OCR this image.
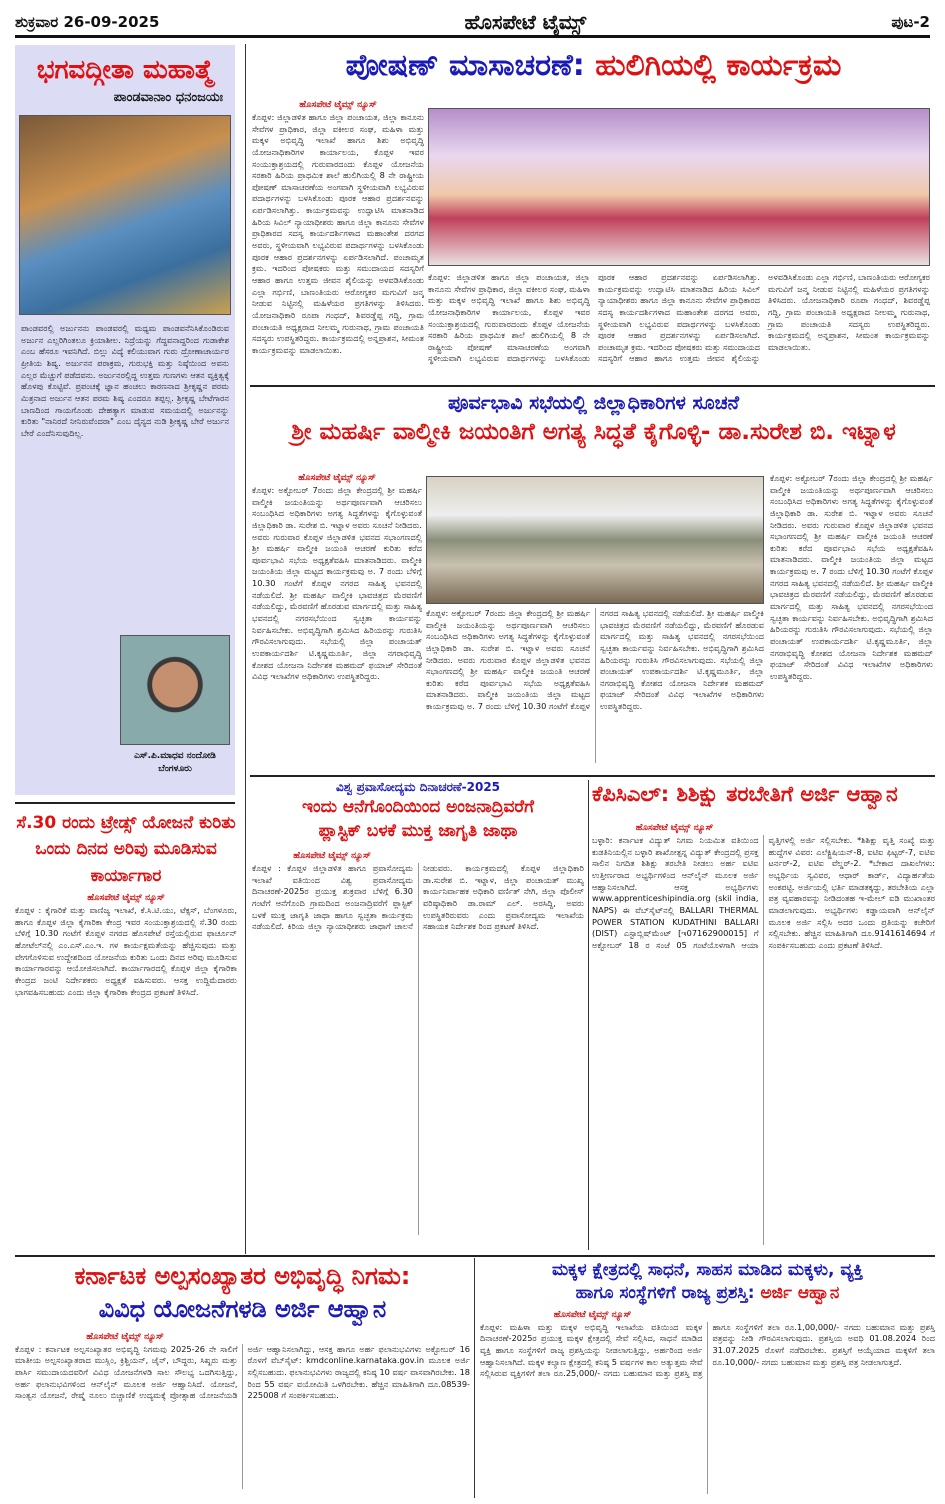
ಶುಕ್ರವಾರ 26-09-2025	ಹೊಸಪೇಟೆ ಟೈಮ್ಸ್	ಪುಟ-2
ಭಗವದ್ಗೀತಾ ಮಹಾತ್ಮೆ
ಪಾಂಡವಾನಾಂ ಧನಂಜಯಃ
ಪಾಂಡವರಲ್ಲಿ ಅರ್ಜುನನು ಪಾಂಡವರಲ್ಲಿ ಮಧ್ಯಮ ಪಾಂಡವನೆನಿಸಿಕೊಂಡಿರುವ ಅರ್ಜುನ ಎಲ್ಲರಿಗಿಂತಲೂ ಕ್ರಿಯಾಶೀಲ. ನಿದ್ರೆಯನ್ನು ಗೆದ್ದವನಾದ್ದರಿಂದ ಗುಡಾಕೇಶ ಎಂಬ ಹೆಸರೂ ಇವನಿಗಿದೆ. ಬಿಲ್ಲು ವಿದ್ಯೆ ಕಲಿಯುವಾಗ ಗುರು ದ್ರೋಣಾಚಾರ್ಯರ ಪ್ರೀತಿಯ ಶಿಷ್ಯ. ಅರ್ಜುನನ ಪರಾಕ್ರಮ, ಗುರುಭಕ್ತಿ ಮತ್ತು ನಿಷ್ಠೆಯಿಂದ ಅವನು ಎಲ್ಲರ ಮೆಚ್ಚುಗೆ ಪಡೆದವನು. ಅರ್ಜುನರಲ್ಲಿದ್ದ ಉತ್ತಮ ಗುಣಗಳು ಆತನ ವ್ಯಕ್ತಿತ್ವಕ್ಕೆ ಹೊಳಪು ಕೊಟ್ಟಿವೆ. ಪ್ರಪಂಚಕ್ಕೆ ಜ್ಞಾನ ಹಂಚಲು ಕಾರಣನಾದ ಶ್ರೀಕೃಷ್ಣನ ಪರಮ ಮಿತ್ರನಾದ ಅರ್ಜುನ ಆತನ ಪರಮ ಶಿಷ್ಯ ಎಂದರೂ ತಪ್ಪಲ್ಲ. ಶ್ರೀಕೃಷ್ಣ ಬೇಟೆಗಾರನ ಬಾಣದಿಂದ ಗಾಯಗೊಂಡು ದೇಹತ್ಯಾಗ ಮಾಡುವ ಸಮಯದಲ್ಲಿ ಅರ್ಜುನನ್ನು ಕುರಿತು "ನಾನಿರದೆ ನೀನಿರುವೆಂದರಾ" ಎಂಬ ದೈನ್ಯದ ನುಡಿ ಶ್ರೀಕೃಷ್ಣ ಬೇರೆ ಅರ್ಜುನ ಬೇರೆ ಎಂದೆನಿಸುವುದಿಲ್ಲ.
ಎಸ್.ಪಿ.ಮಾಧವ ನಂದೋಡಿ
ಬೆಂಗಳೂರು
ಪೋಷಣ್ ಮಾಸಾಚರಣೆ: ಹುಲಿಗಿಯಲ್ಲಿ ಕಾರ್ಯಕ್ರಮ
ಹೊಸಪೇಟೆ ಟೈಮ್ಸ್ ನ್ಯೂಸ್
ಕೊಪ್ಪಳ: ಜಿಲ್ಲಾಡಳಿತ ಹಾಗೂ ಜಿಲ್ಲಾ ಪಂಚಾಯತ, ಜಿಲ್ಲಾ ಕಾನೂನು ಸೇವೆಗಳ ಪ್ರಾಧಿಕಾರ, ಜಿಲ್ಲಾ ವಕೀಲರ ಸಂಘ, ಮಹಿಳಾ ಮತ್ತು ಮಕ್ಕಳ ಅಭಿವೃದ್ಧಿ ಇಲಾಖೆ ಹಾಗೂ ಶಿಶು ಅಭಿವೃದ್ಧಿ ಯೋಜನಾಧಿಕಾರಿಗಳ ಕಾರ್ಯಾಲಯ, ಕೊಪ್ಪಳ ಇವರ ಸಂಯುಕ್ತಾಶ್ರಯದಲ್ಲಿ ಗುರುವಾರದಂದು ಕೊಪ್ಪಳ ಯೋಜನೆಯ ಸರಕಾರಿ ಹಿರಿಯ ಪ್ರಾಥಮಿಕ ಶಾಲೆ ಹುಲಿಗಿಯಲ್ಲಿ 8 ನೇ ರಾಷ್ಟ್ರೀಯ ಪೋಷಣ್ ಮಾಸಾಚರಣೆಯ ಅಂಗವಾಗಿ ಸ್ಥಳೀಯವಾಗಿ ಲಭ್ಯವಿರುವ ಪದಾರ್ಥಗಳನ್ನು ಬಳಸಿಕೊಂಡು ಪೂರಕ ಆಹಾರ ಪ್ರದರ್ಶನವನ್ನು ಏರ್ಪಡಿಸಲಾಗಿತ್ತು. ಕಾರ್ಯಕ್ರಮವನ್ನು ಉದ್ಘಾಟಿಸಿ ಮಾತನಾಡಿದ ಹಿರಿಯ ಸಿವಿಲ್ ನ್ಯಾಯಾಧೀಶರು ಹಾಗೂ ಜಿಲ್ಲಾ ಕಾನೂನು ಸೇವೆಗಳ ಪ್ರಾಧಿಕಾರದ ಸದಸ್ಯ ಕಾರ್ಯದರ್ಶಿಗಳಾದ ಮಹಾಂತೇಶ ದರಗದ ಅವರು, ಸ್ಥಳೀಯವಾಗಿ ಲಭ್ಯವಿರುವ ಪದಾರ್ಥಗಳನ್ನು ಬಳಸಿಕೊಂಡು ಪೂರಕ ಆಹಾರ ಪ್ರದರ್ಶನಗಳನ್ನು ಏರ್ಪಡಿಸಲಾಗಿದೆ. ಪಂಚಾಮೃತ ಕ್ರಮ. ಇದರಿಂದ ಪೋಷಕರು ಮತ್ತು ಸಮುದಾಯದ ಸದಸ್ಯರಿಗೆ ಆಹಾರ ಹಾಗೂ ಉತ್ತಮ ಜೀವನ ಶೈಲಿಯನ್ನು ಅಳವಡಿಸಿಕೊಂಡು ಎಲ್ಲಾ ಗರ್ಭಿಣಿ, ಬಾಣಂತಿಯರು ಆರೋಗ್ಯಕರ ಮಗುವಿಗೆ ಜನ್ಮ ನೀಡುವ ನಿಟ್ಟಿನಲ್ಲಿ ಮಹಿಳೆಯರ ಪ್ರಗತಿಗಳನ್ನು ತಿಳಿಸಿದರು. ಯೋಜನಾಧಿಕಾರಿ ರೂಪಾ ಗಂಧದ್, ಶಿವರಡ್ಡೆಪ್ಪ ಗದ್ದಿ, ಗ್ರಾಮ ಪಂಚಾಯತಿ ಅಧ್ಯಕ್ಷರಾದ ನೀಲಮ್ಮ ಗುರುನಾಥ, ಗ್ರಾಮ ಪಂಚಾಯತಿ ಸದಸ್ಯರು ಉಪಸ್ಥಿತರಿದ್ದರು. ಕಾರ್ಯಕ್ರಮದಲ್ಲಿ ಅನ್ನಪ್ರಾಶನ, ಸೀಮಂತ ಕಾರ್ಯಕ್ರಮವನ್ನು ಮಾಡಲಾಯಿತು.
ಕೊಪ್ಪಳ: ಜಿಲ್ಲಾಡಳಿತ ಹಾಗೂ ಜಿಲ್ಲಾ ಪಂಚಾಯತ, ಜಿಲ್ಲಾ ಕಾನೂನು ಸೇವೆಗಳ ಪ್ರಾಧಿಕಾರ, ಜಿಲ್ಲಾ ವಕೀಲರ ಸಂಘ, ಮಹಿಳಾ ಮತ್ತು ಮಕ್ಕಳ ಅಭಿವೃದ್ಧಿ ಇಲಾಖೆ ಹಾಗೂ ಶಿಶು ಅಭಿವೃದ್ಧಿ ಯೋಜನಾಧಿಕಾರಿಗಳ ಕಾರ್ಯಾಲಯ, ಕೊಪ್ಪಳ ಇವರ ಸಂಯುಕ್ತಾಶ್ರಯದಲ್ಲಿ ಗುರುವಾರದಂದು ಕೊಪ್ಪಳ ಯೋಜನೆಯ ಸರಕಾರಿ ಹಿರಿಯ ಪ್ರಾಥಮಿಕ ಶಾಲೆ ಹುಲಿಗಿಯಲ್ಲಿ 8 ನೇ ರಾಷ್ಟ್ರೀಯ ಪೋಷಣ್ ಮಾಸಾಚರಣೆಯ ಅಂಗವಾಗಿ ಸ್ಥಳೀಯವಾಗಿ ಲಭ್ಯವಿರುವ ಪದಾರ್ಥಗಳನ್ನು ಬಳಸಿಕೊಂಡು ಪೂರಕ ಆಹಾರ ಪ್ರದರ್ಶನವನ್ನು ಏರ್ಪಡಿಸಲಾಗಿತ್ತು. ಕಾರ್ಯಕ್ರಮವನ್ನು ಉದ್ಘಾಟಿಸಿ ಮಾತನಾಡಿದ ಹಿರಿಯ ಸಿವಿಲ್ ನ್ಯಾಯಾಧೀಶರು ಹಾಗೂ ಜಿಲ್ಲಾ ಕಾನೂನು ಸೇವೆಗಳ ಪ್ರಾಧಿಕಾರದ ಸದಸ್ಯ ಕಾರ್ಯದರ್ಶಿಗಳಾದ ಮಹಾಂತೇಶ ದರಗದ ಅವರು, ಸ್ಥಳೀಯವಾಗಿ ಲಭ್ಯವಿರುವ ಪದಾರ್ಥಗಳನ್ನು ಬಳಸಿಕೊಂಡು ಪೂರಕ ಆಹಾರ ಪ್ರದರ್ಶನಗಳನ್ನು ಏರ್ಪಡಿಸಲಾಗಿದೆ. ಪಂಚಾಮೃತ ಕ್ರಮ. ಇದರಿಂದ ಪೋಷಕರು ಮತ್ತು ಸಮುದಾಯದ ಸದಸ್ಯರಿಗೆ ಆಹಾರ ಹಾಗೂ ಉತ್ತಮ ಜೀವನ ಶೈಲಿಯನ್ನು ಅಳವಡಿಸಿಕೊಂಡು ಎಲ್ಲಾ ಗರ್ಭಿಣಿ, ಬಾಣಂತಿಯರು ಆರೋಗ್ಯಕರ ಮಗುವಿಗೆ ಜನ್ಮ ನೀಡುವ ನಿಟ್ಟಿನಲ್ಲಿ ಮಹಿಳೆಯರ ಪ್ರಗತಿಗಳನ್ನು ತಿಳಿಸಿದರು. ಯೋಜನಾಧಿಕಾರಿ ರೂಪಾ ಗಂಧದ್, ಶಿವರಡ್ಡೆಪ್ಪ ಗದ್ದಿ, ಗ್ರಾಮ ಪಂಚಾಯತಿ ಅಧ್ಯಕ್ಷರಾದ ನೀಲಮ್ಮ ಗುರುನಾಥ, ಗ್ರಾಮ ಪಂಚಾಯತಿ ಸದಸ್ಯರು ಉಪಸ್ಥಿತರಿದ್ದರು. ಕಾರ್ಯಕ್ರಮದಲ್ಲಿ ಅನ್ನಪ್ರಾಶನ, ಸೀಮಂತ ಕಾರ್ಯಕ್ರಮವನ್ನು ಮಾಡಲಾಯಿತು.
ಪೂರ್ವಭಾವಿ ಸಭೆಯಲ್ಲಿ ಜಿಲ್ಲಾಧಿಕಾರಿಗಳ ಸೂಚನೆ
ಶ್ರೀ ಮಹರ್ಷಿ ವಾಲ್ಮೀಕಿ ಜಯಂತಿಗೆ ಅಗತ್ಯ ಸಿದ್ಧತೆ ಕೈಗೊಳ್ಳಿ- ಡಾ.ಸುರೇಶ ಬಿ. ಇಟ್ನಾಳ
ಹೊಸಪೇಟೆ ಟೈಮ್ಸ್ ನ್ಯೂಸ್
ಕೊಪ್ಪಳ: ಅಕ್ಟೋಬರ್ 7ರಂದು ಜಿಲ್ಲಾ ಕೇಂದ್ರದಲ್ಲಿ ಶ್ರೀ ಮಹರ್ಷಿ ವಾಲ್ಮೀಕಿ ಜಯಂತಿಯನ್ನು ಅರ್ಥಪೂರ್ಣವಾಗಿ ಆಚರಿಸಲು ಸಂಬಂಧಿಸಿದ ಅಧಿಕಾರಿಗಳು ಅಗತ್ಯ ಸಿದ್ಧತೆಗಳನ್ನು ಕೈಗೊಳ್ಳುವಂತೆ ಜಿಲ್ಲಾಧಿಕಾರಿ ಡಾ. ಸುರೇಶ ಬಿ. ಇಟ್ನಾಳ ಅವರು ಸೂಚನೆ ನೀಡಿದರು. ಅವರು ಗುರುವಾರ ಕೊಪ್ಪಳ ಜಿಲ್ಲಾಡಳಿತ ಭವನದ ಸಭಾಂಗಣದಲ್ಲಿ ಶ್ರೀ ಮಹರ್ಷಿ ವಾಲ್ಮೀಕಿ ಜಯಂತಿ ಆಚರಣೆ ಕುರಿತು ಕರೆದ ಪೂರ್ವಭಾವಿ ಸಭೆಯ ಅಧ್ಯಕ್ಷತೆವಹಿಸಿ ಮಾತನಾಡಿದರು. ವಾಲ್ಮೀಕಿ ಜಯಂತಿಯ ಜಿಲ್ಲಾ ಮಟ್ಟದ ಕಾರ್ಯಕ್ರಮವು ಅ. 7 ರಂದು ಬೆಳಿಗ್ಗೆ 10.30 ಗಂಟೆಗೆ ಕೊಪ್ಪಳ ನಗರದ ಸಾಹಿತ್ಯ ಭವನದಲ್ಲಿ ನಡೆಯಲಿದೆ. ಶ್ರೀ ಮಹರ್ಷಿ ವಾಲ್ಮೀಕಿ ಭಾವಚಿತ್ರದ ಮೆರವಣಿಗೆ ನಡೆಯಲಿದ್ದು, ಮೆರವಣಿಗೆ ಹೊರಡುವ ಮಾರ್ಗದಲ್ಲಿ ಮತ್ತು ಸಾಹಿತ್ಯ ಭವನದಲ್ಲಿ ನಗರಸಭೆಯಿಂದ ಸ್ವಚ್ಛತಾ ಕಾರ್ಯವನ್ನು ನಿರ್ವಹಿಸಬೇಕು. ಅಭಿವೃದ್ಧಿಗಾಗಿ ಶ್ರಮಿಸಿದ ಹಿರಿಯರನ್ನು ಗುರುತಿಸಿ ಗೌರವಿಸಲಾಗುವುದು. ಸಭೆಯಲ್ಲಿ ಜಿಲ್ಲಾ ಪಂಚಾಯತ್ ಉಪಕಾರ್ಯದರ್ಶಿ ಟಿ.ಕೃಷ್ಣಮೂರ್ತಿ, ಜಿಲ್ಲಾ ನಗರಾಭಿವೃದ್ಧಿ ಕೋಶದ ಯೋಜನಾ ನಿರ್ದೇಶಕ ಮಹಮದ್ ಫಯಾಜ್ ಸೇರಿದಂತೆ ವಿವಿಧ ಇಲಾಖೆಗಳ ಅಧಿಕಾರಿಗಳು ಉಪಸ್ಥಿತರಿದ್ದರು.
ಕೊಪ್ಪಳ: ಅಕ್ಟೋಬರ್ 7ರಂದು ಜಿಲ್ಲಾ ಕೇಂದ್ರದಲ್ಲಿ ಶ್ರೀ ಮಹರ್ಷಿ ವಾಲ್ಮೀಕಿ ಜಯಂತಿಯನ್ನು ಅರ್ಥಪೂರ್ಣವಾಗಿ ಆಚರಿಸಲು ಸಂಬಂಧಿಸಿದ ಅಧಿಕಾರಿಗಳು ಅಗತ್ಯ ಸಿದ್ಧತೆಗಳನ್ನು ಕೈಗೊಳ್ಳುವಂತೆ ಜಿಲ್ಲಾಧಿಕಾರಿ ಡಾ. ಸುರೇಶ ಬಿ. ಇಟ್ನಾಳ ಅವರು ಸೂಚನೆ ನೀಡಿದರು. ಅವರು ಗುರುವಾರ ಕೊಪ್ಪಳ ಜಿಲ್ಲಾಡಳಿತ ಭವನದ ಸಭಾಂಗಣದಲ್ಲಿ ಶ್ರೀ ಮಹರ್ಷಿ ವಾಲ್ಮೀಕಿ ಜಯಂತಿ ಆಚರಣೆ ಕುರಿತು ಕರೆದ ಪೂರ್ವಭಾವಿ ಸಭೆಯ ಅಧ್ಯಕ್ಷತೆವಹಿಸಿ ಮಾತನಾಡಿದರು. ವಾಲ್ಮೀಕಿ ಜಯಂತಿಯ ಜಿಲ್ಲಾ ಮಟ್ಟದ ಕಾರ್ಯಕ್ರಮವು ಅ. 7 ರಂದು ಬೆಳಿಗ್ಗೆ 10.30 ಗಂಟೆಗೆ ಕೊಪ್ಪಳ ನಗರದ ಸಾಹಿತ್ಯ ಭವನದಲ್ಲಿ ನಡೆಯಲಿದೆ. ಶ್ರೀ ಮಹರ್ಷಿ ವಾಲ್ಮೀಕಿ ಭಾವಚಿತ್ರದ ಮೆರವಣಿಗೆ ನಡೆಯಲಿದ್ದು, ಮೆರವಣಿಗೆ ಹೊರಡುವ ಮಾರ್ಗದಲ್ಲಿ ಮತ್ತು ಸಾಹಿತ್ಯ ಭವನದಲ್ಲಿ ನಗರಸಭೆಯಿಂದ ಸ್ವಚ್ಛತಾ ಕಾರ್ಯವನ್ನು ನಿರ್ವಹಿಸಬೇಕು. ಅಭಿವೃದ್ಧಿಗಾಗಿ ಶ್ರಮಿಸಿದ ಹಿರಿಯರನ್ನು ಗುರುತಿಸಿ ಗೌರವಿಸಲಾಗುವುದು. ಸಭೆಯಲ್ಲಿ ಜಿಲ್ಲಾ ಪಂಚಾಯತ್ ಉಪಕಾರ್ಯದರ್ಶಿ ಟಿ.ಕೃಷ್ಣಮೂರ್ತಿ, ಜಿಲ್ಲಾ ನಗರಾಭಿವೃದ್ಧಿ ಕೋಶದ ಯೋಜನಾ ನಿರ್ದೇಶಕ ಮಹಮದ್ ಫಯಾಜ್ ಸೇರಿದಂತೆ ವಿವಿಧ ಇಲಾಖೆಗಳ ಅಧಿಕಾರಿಗಳು ಉಪಸ್ಥಿತರಿದ್ದರು.
ಕೊಪ್ಪಳ: ಅಕ್ಟೋಬರ್ 7ರಂದು ಜಿಲ್ಲಾ ಕೇಂದ್ರದಲ್ಲಿ ಶ್ರೀ ಮಹರ್ಷಿ ವಾಲ್ಮೀಕಿ ಜಯಂತಿಯನ್ನು ಅರ್ಥಪೂರ್ಣವಾಗಿ ಆಚರಿಸಲು ಸಂಬಂಧಿಸಿದ ಅಧಿಕಾರಿಗಳು ಅಗತ್ಯ ಸಿದ್ಧತೆಗಳನ್ನು ಕೈಗೊಳ್ಳುವಂತೆ ಜಿಲ್ಲಾಧಿಕಾರಿ ಡಾ. ಸುರೇಶ ಬಿ. ಇಟ್ನಾಳ ಅವರು ಸೂಚನೆ ನೀಡಿದರು. ಅವರು ಗುರುವಾರ ಕೊಪ್ಪಳ ಜಿಲ್ಲಾಡಳಿತ ಭವನದ ಸಭಾಂಗಣದಲ್ಲಿ ಶ್ರೀ ಮಹರ್ಷಿ ವಾಲ್ಮೀಕಿ ಜಯಂತಿ ಆಚರಣೆ ಕುರಿತು ಕರೆದ ಪೂರ್ವಭಾವಿ ಸಭೆಯ ಅಧ್ಯಕ್ಷತೆವಹಿಸಿ ಮಾತನಾಡಿದರು. ವಾಲ್ಮೀಕಿ ಜಯಂತಿಯ ಜಿಲ್ಲಾ ಮಟ್ಟದ ಕಾರ್ಯಕ್ರಮವು ಅ. 7 ರಂದು ಬೆಳಿಗ್ಗೆ 10.30 ಗಂಟೆಗೆ ಕೊಪ್ಪಳ ನಗರದ ಸಾಹಿತ್ಯ ಭವನದಲ್ಲಿ ನಡೆಯಲಿದೆ. ಶ್ರೀ ಮಹರ್ಷಿ ವಾಲ್ಮೀಕಿ ಭಾವಚಿತ್ರದ ಮೆರವಣಿಗೆ ನಡೆಯಲಿದ್ದು, ಮೆರವಣಿಗೆ ಹೊರಡುವ ಮಾರ್ಗದಲ್ಲಿ ಮತ್ತು ಸಾಹಿತ್ಯ ಭವನದಲ್ಲಿ ನಗರಸಭೆಯಿಂದ ಸ್ವಚ್ಛತಾ ಕಾರ್ಯವನ್ನು ನಿರ್ವಹಿಸಬೇಕು. ಅಭಿವೃದ್ಧಿಗಾಗಿ ಶ್ರಮಿಸಿದ ಹಿರಿಯರನ್ನು ಗುರುತಿಸಿ ಗೌರವಿಸಲಾಗುವುದು. ಸಭೆಯಲ್ಲಿ ಜಿಲ್ಲಾ ಪಂಚಾಯತ್ ಉಪಕಾರ್ಯದರ್ಶಿ ಟಿ.ಕೃಷ್ಣಮೂರ್ತಿ, ಜಿಲ್ಲಾ ನಗರಾಭಿವೃದ್ಧಿ ಕೋಶದ ಯೋಜನಾ ನಿರ್ದೇಶಕ ಮಹಮದ್ ಫಯಾಜ್ ಸೇರಿದಂತೆ ವಿವಿಧ ಇಲಾಖೆಗಳ ಅಧಿಕಾರಿಗಳು ಉಪಸ್ಥಿತರಿದ್ದರು.
ಸೆ.30 ರಂದು ಟ್ರೇಡ್ಸ್ ಯೋಜನೆ ಕುರಿತು ಒಂದು ದಿನದ ಅರಿವು ಮೂಡಿಸುವ ಕಾರ್ಯಾಗಾರ
ಹೊಸಪೇಟೆ ಟೈಮ್ಸ್ ನ್ಯೂಸ್
ಕೊಪ್ಪಳ : ಕೈಗಾರಿಕೆ ಮತ್ತು ವಾಣಿಜ್ಯ ಇಲಾಖೆ, ಕೆ.ಸಿ.ಟಿ.ಯು, ಟೆಕ್ಸಸ್, ಬೆಂಗಳೂರು, ಹಾಗೂ ಕೊಪ್ಪಳ ಜಿಲ್ಲಾ ಕೈಗಾರಿಕಾ ಕೇಂದ್ರ ಇವರ ಸಂಯುಕ್ತಾಶ್ರಯದಲ್ಲಿ ಸೆ.30 ರಂದು ಬೆಳಿಗ್ಗೆ 10.30 ಗಂಟೆಗೆ ಕೊಪ್ಪಳ ನಗರದ ಹೊಸಪೇಟೆ ರಸ್ತೆಯಲ್ಲಿರುವ ಫಾರ್ಚೂನ್ ಹೋಟೆಲ್‌ನಲ್ಲಿ ಎಂ.ಎಸ್.ಎಂ.ಇ. ಗಳ ಕಾರ್ಯಕ್ಷಮತೆಯನ್ನು ಹೆಚ್ಚಿಸುವುದು ಮತ್ತು ವೇಗಗೊಳಿಸುವ ಉದ್ದೇಶದಿಂದ ಯೋಜನೆಯ ಕುರಿತು ಒಂದು ದಿನದ ಅರಿವು ಮೂಡಿಸುವ ಕಾರ್ಯಾಗಾರವನ್ನು ಆಯೋಜಿಸಲಾಗಿದೆ. ಕಾರ್ಯಾಗಾರದಲ್ಲಿ ಕೊಪ್ಪಳ ಜಿಲ್ಲಾ ಕೈಗಾರಿಕಾ ಕೇಂದ್ರದ ಜಂಟಿ ನಿರ್ದೇಶಕರು ಅಧ್ಯಕ್ಷತೆ ವಹಿಸುವರು. ಆಸಕ್ತ ಉದ್ದಿಮೆದಾರರು ಭಾಗವಹಿಸಬಹುದು ಎಂದು ಜಿಲ್ಲಾ ಕೈಗಾರಿಕಾ ಕೇಂದ್ರದ ಪ್ರಕಟಣೆ ತಿಳಿಸಿದೆ.
ವಿಶ್ವ ಪ್ರವಾಸೋದ್ಯಮ ದಿನಾಚರಣೆ-2025
ಇಂದು ಆನೆಗೊಂದಿಯಿಂದ ಅಂಜನಾದ್ರಿವರೆಗೆ
ಪ್ಲಾಸ್ಟಿಕ್ ಬಳಕೆ ಮುಕ್ತ ಜಾಗೃತಿ ಜಾಥಾ
ಹೊಸಪೇಟೆ ಟೈಮ್ಸ್ ನ್ಯೂಸ್
ಕೊಪ್ಪಳ : ಕೊಪ್ಪಳ ಜಿಲ್ಲಾಡಳಿತ ಹಾಗೂ ಪ್ರವಾಸೋದ್ಯಮ ಇಲಾಖೆ ವತಿಯಿಂದ ವಿಶ್ವ ಪ್ರವಾಸೋದ್ಯಮ ದಿನಾಚರಣೆ-2025ರ ಪ್ರಯುಕ್ತ ಶುಕ್ರವಾರ ಬೆಳಿಗ್ಗೆ 6.30 ಗಂಟೆಗೆ ಆನೆಗೊಂದಿ ಗ್ರಾಮದಿಂದ ಅಂಜನಾದ್ರಿವರೆಗೆ ಪ್ಲಾಸ್ಟಿಕ್ ಬಳಕೆ ಮುಕ್ತ ಜಾಗೃತಿ ಜಾಥಾ ಹಾಗೂ ಸ್ವಚ್ಛತಾ ಕಾರ್ಯಕ್ರಮ ನಡೆಯಲಿದೆ. ಕಿರಿಯ ಜಿಲ್ಲಾ ನ್ಯಾಯಾಧೀಶರು ಜಾಥಾಗೆ ಚಾಲನೆ ನೀಡುವರು. ಕಾರ್ಯಕ್ರಮದಲ್ಲಿ ಕೊಪ್ಪಳ ಜಿಲ್ಲಾಧಿಕಾರಿ ಡಾ.ಸುರೇಶ ಬಿ. ಇಟ್ನಾಳ, ಜಿಲ್ಲಾ ಪಂಚಾಯತ್ ಮುಖ್ಯ ಕಾರ್ಯನಿರ್ವಾಹಕ ಅಧಿಕಾರಿ ವರ್ಣಿತ್ ನೇಗಿ, ಜಿಲ್ಲಾ ಪೊಲೀಸ್ ವರಿಷ್ಠಾಧಿಕಾರಿ ಡಾ.ರಾಮ್ ಎಲ್. ಅರಸಿದ್ದಿ, ಅವರು ಉಪಸ್ಥಿತರಿರುವರು ಎಂದು ಪ್ರವಾಸೋದ್ಯಮ ಇಲಾಖೆಯ ಸಹಾಯಕ ನಿರ್ದೇಶಕ ರಿಂದ ಪ್ರಕಟಣೆ ತಿಳಿಸಿದೆ.
ಕೆಪಿಸಿಎಲ್: ಶಿಶಿಕ್ಷು ತರಬೇತಿಗೆ ಅರ್ಜಿ ಆಹ್ವಾನ
ಹೊಸಪೇಟೆ ಟೈಮ್ಸ್ ನ್ಯೂಸ್
ಬಳ್ಳಾರಿ: ಕರ್ನಾಟಕ ವಿದ್ಯುತ್ ನಿಗಮ ನಿಯಮಿತ ವತಿಯಿಂದ ಕುಡತಿನಿಯಲ್ಲಿನ ಬಳ್ಳಾರಿ ಶಾಖೋತ್ಪನ್ನ ವಿದ್ಯುತ್ ಕೇಂದ್ರದಲ್ಲಿ ಪ್ರಸಕ್ತ ಸಾಲಿನ ನಿಗದಿತ ಶಿಶಿಕ್ಷು ತರಬೇತಿ ನೀಡಲು ಅರ್ಹ ಐಟಿಐ ಉತ್ತೀರ್ಣರಾದ ಅಭ್ಯರ್ಥಿಗಳಿಂದ ಆನ್‌ಲೈನ್ ಮೂಲಕ ಅರ್ಜಿ ಆಹ್ವಾನಿಸಲಾಗಿದೆ. ಆಸಕ್ತ ಅಭ್ಯರ್ಥಿಗಳು www.apprenticeshipindia.org (skil india, NAPS) ಈ ವೆಬ್‌ಸೈಟ್‌ನಲ್ಲಿ BALLARI THERMAL POWER STATION KUDATHINI BALLARI (DIST) ಎಸ್ಟಾಬ್ಲಿಷ್‌ಮೆಂಟ್ [ಇ07162900015] ಗೆ ಅಕ್ಟೋಬರ್ 18 ರ ಸಂಜೆ 05 ಗಂಟೆಯೊಳಗಾಗಿ ಆಯಾ ವೃತ್ತಿಗಳಲ್ಲಿ ಅರ್ಜಿ ಸಲ್ಲಿಸಬೇಕು. *ಶಿಶಿಕ್ಷು ವೃತ್ತಿ ಸಂಖ್ಯೆ ಮತ್ತು ಹುದ್ದೆಗಳ ವಿವರ: ಎಲೆಕ್ಟ್ರಿಷಿಯನ್-8, ಐಟಿಐ ಫಿಟ್ಟರ್-7, ಐಟಿಐ ಟರ್ನರ್-2, ಐಟಿಐ ವೆಲ್ಡರ್-2. *ಬೇಕಾದ ದಾಖಲೆಗಳು: ಅಭ್ಯರ್ಥಿಯ ಸ್ವವಿವರ, ಆಧಾರ್ ಕಾರ್ಡ್, ವಿದ್ಯಾರ್ಹತೆಯ ಅಂಕಪಟ್ಟಿ. ಅರ್ಜಿಯಲ್ಲಿ ಭರ್ತಿ ಮಾಡತಕ್ಕದ್ದು, ತರಬೇತಿಯ ಎಲ್ಲಾ ಪತ್ರ ವ್ಯವಹಾರವನ್ನು ನೀಡಿದಂತಹ ಇ-ಮೇಲ್ ಐಡಿ ಮುಖಾಂತರ ಮಾಡಲಾಗುವುದು. ಅಭ್ಯರ್ಥಿಗಳು ಕಡ್ಡಾಯವಾಗಿ ಆನ್‌ಲೈನ್ ಮೂಲಕ ಅರ್ಜಿ ಸಲ್ಲಿಸಿ ಅದರ ಒಂದು ಪ್ರತಿಯನ್ನು ಕಚೇರಿಗೆ ಸಲ್ಲಿಸಬೇಕು. ಹೆಚ್ಚಿನ ಮಾಹಿತಿಗಾಗಿ ದೂ.9141614694 ಗೆ ಸಂಪರ್ಕಿಸಬಹುದು ಎಂದು ಪ್ರಕಟಣೆ ತಿಳಿಸಿದೆ.
ಕರ್ನಾಟಕ ಅಲ್ಪಸಂಖ್ಯಾತರ ಅಭಿವೃದ್ಧಿ ನಿಗಮ:
ವಿವಿಧ ಯೋಜನೆಗಳಡಿ ಅರ್ಜಿ ಆಹ್ವಾನ
ಹೊಸಪೇಟೆ ಟೈಮ್ಸ್ ನ್ಯೂಸ್
ಕೊಪ್ಪಳ : ಕರ್ನಾಟಕ ಅಲ್ಪಸಂಖ್ಯಾತರ ಅಭಿವೃದ್ಧಿ ನಿಗಮವು 2025-26 ನೇ ಸಾಲಿಗೆ ಮಾತೀಯ ಅಲ್ಪಸಂಖ್ಯಾತರಾದ ಮುಸ್ಲಿಂ, ಕ್ರಿಶ್ಚಿಯನ್, ಜೈನ್, ಬೌದ್ಧರು, ಸಿಖ್ಖರು ಮತ್ತು ಪಾರ್ಸಿ ಸಮುದಾಯದವರಿಗೆ ವಿವಿಧ ಯೋಜನೆಗಳಡಿ ಸಾಲ ಸೌಲಭ್ಯ ಒದಗಿಸುತ್ತಿದ್ದು, ಅರ್ಹ ಫಲಾನುಭವಿಗಳಿಂದ ಆನ್‌ಲೈನ್ ಮೂಲಕ ಅರ್ಜಿ ಆಹ್ವಾನಿಸಿದೆ. ಯೋಜನೆ, ಸಾಂತ್ವನ ಯೋಜನೆ, ರೇಷ್ಮೆ ನೂಲು ಬಿಚ್ಚಾಣಿಕೆ ಉದ್ಯಮಕ್ಕೆ ಪ್ರೋತ್ಸಾಹ ಯೋಜನೆಯಡಿ ಅರ್ಜಿ ಆಹ್ವಾನಿಸಲಾಗಿದ್ದು, ಆಸಕ್ತ ಹಾಗೂ ಅರ್ಹ ಫಲಾನುಭವಿಗಳು ಅಕ್ಟೋಬರ್ 16 ರೊಳಗೆ ವೆಬ್‌ಸೈಟ್: kmdconline.karnataka.gov.in ಮೂಲಕ ಅರ್ಜಿ ಸಲ್ಲಿಸಬಹುದು. ಫಲಾನುಭವಿಗಳು ರಾಜ್ಯದಲ್ಲಿ ಕನಿಷ್ಠ 10 ವರ್ಷ ವಾಸವಾಗಿರಬೇಕು. 18 ರಿಂದ 55 ವರ್ಷ ವಯೋಮಿತಿ ಒಳಗಿರಬೇಕು. ಹೆಚ್ಚಿನ ಮಾಹಿತಿಗಾಗಿ ದೂ.08539-225008 ಗೆ ಸಂಪರ್ಕಿಸಬಹುದು.
ಮಕ್ಕಳ ಕ್ಷೇತ್ರದಲ್ಲಿ ಸಾಧನೆ, ಸಾಹಸ ಮಾಡಿದ ಮಕ್ಕಳು, ವ್ಯಕ್ತಿ
ಹಾಗೂ ಸಂಸ್ಥೆಗಳಿಗೆ ರಾಜ್ಯ ಪ್ರಶಸ್ತಿ: ಅರ್ಜಿ ಆಹ್ವಾನ
ಹೊಸಪೇಟೆ ಟೈಮ್ಸ್ ನ್ಯೂಸ್
ಕೊಪ್ಪಳ: ಮಹಿಳಾ ಮತ್ತು ಮಕ್ಕಳ ಅಭಿವೃದ್ಧಿ ಇಲಾಖೆಯ ವತಿಯಿಂದ ಮಕ್ಕಳ ದಿನಾಚರಣೆ-2025ರ ಪ್ರಯುಕ್ತ ಮಕ್ಕಳ ಕ್ಷೇತ್ರದಲ್ಲಿ ಸೇವೆ ಸಲ್ಲಿಸಿದ, ಸಾಧನೆ ಮಾಡಿದ ವ್ಯಕ್ತಿ ಹಾಗೂ ಸಂಸ್ಥೆಗಳಿಗೆ ರಾಜ್ಯ ಪ್ರಶಸ್ತಿಯನ್ನು ನೀಡಲಾಗುತ್ತಿದ್ದು, ಅರ್ಹರಿಂದ ಅರ್ಜಿ ಆಹ್ವಾನಿಸಲಾಗಿದೆ. ಮಕ್ಕಳ ಕಲ್ಯಾಣ ಕ್ಷೇತ್ರದಲ್ಲಿ ಕನಿಷ್ಠ 5 ವರ್ಷಗಳ ಕಾಲ ಅತ್ಯುತ್ತಮ ಸೇವೆ ಸಲ್ಲಿಸಿರುವ ವ್ಯಕ್ತಿಗಳಿಗೆ ತಲಾ ರೂ.25,000/- ನಗದು ಬಹುಮಾನ ಮತ್ತು ಪ್ರಶಸ್ತಿ ಪತ್ರ ಹಾಗೂ ಸಂಸ್ಥೆಗಳಿಗೆ ತಲಾ ರೂ.1,00,000/- ನಗದು ಬಹುಮಾನ ಮತ್ತು ಪ್ರಶಸ್ತಿ ಪತ್ರವನ್ನು ನೀಡಿ ಗೌರವಿಸಲಾಗುವುದು. ಪ್ರಶಸ್ತಿಯ ಅವಧಿ 01.08.2024 ರಿಂದ 31.07.2025 ರೊಳಗೆ ನಡೆದಿರಬೇಕು. ಪ್ರಶಸ್ತಿಗೆ ಆಯ್ಕೆಯಾದ ಮಕ್ಕಳಿಗೆ ತಲಾ ರೂ.10,000/- ನಗದು ಬಹುಮಾನ ಮತ್ತು ಪ್ರಶಸ್ತಿ ಪತ್ರ ನೀಡಲಾಗುತ್ತದೆ.
